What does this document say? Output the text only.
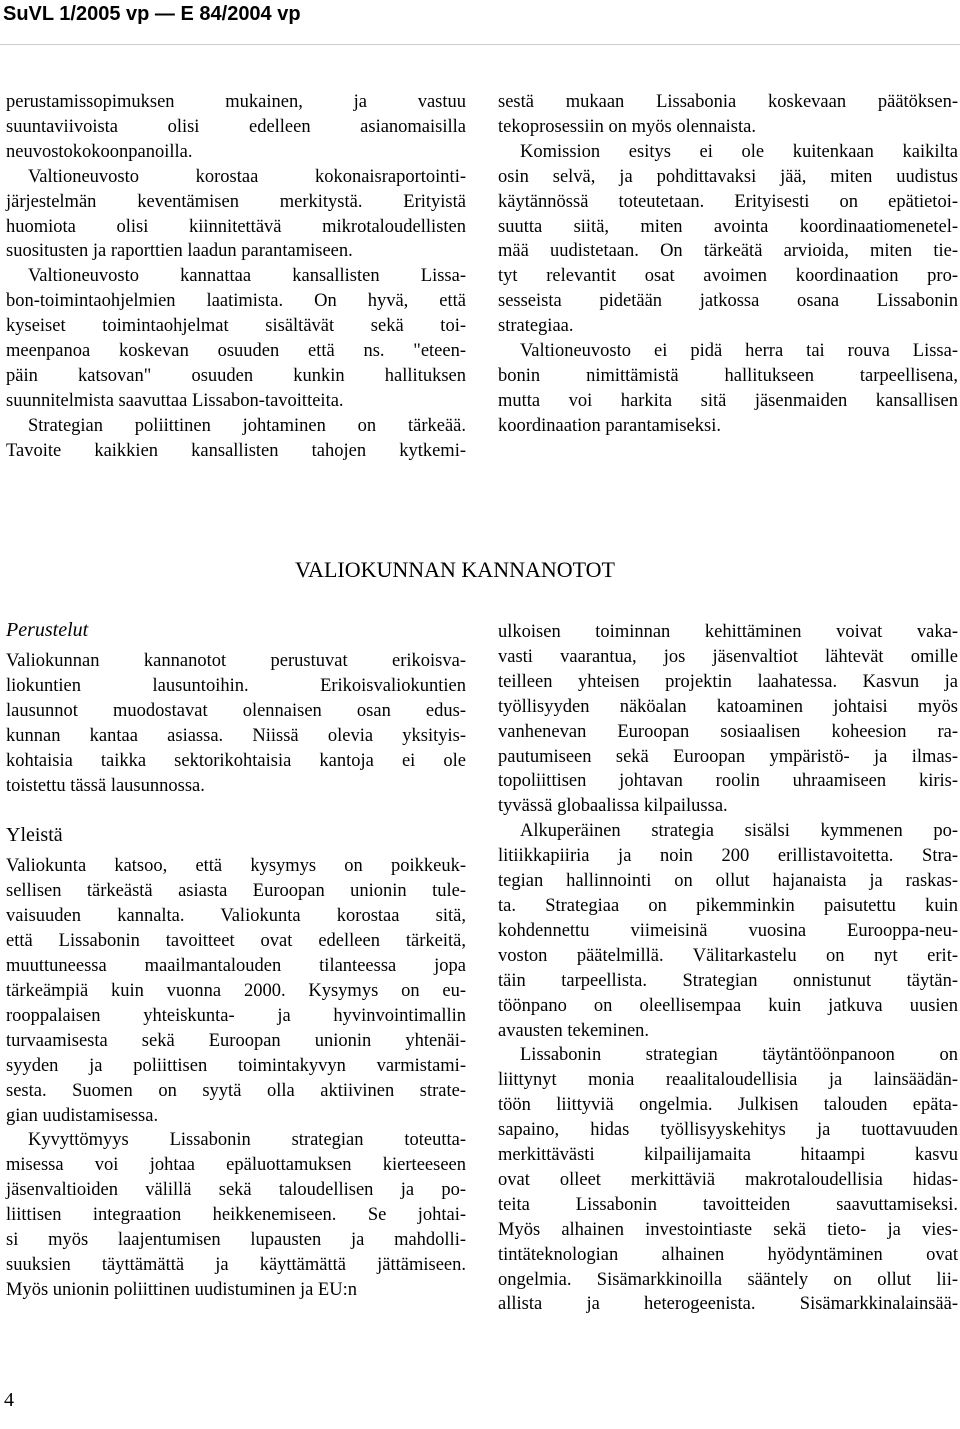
SuVL 1/2005 vp — E 84/2004 vp

perustamissopimuksen mukainen, ja vastuu
suuntaviivoista olisi edelleen asianomaisilla
neuvostokokoonpanoilla.

Valtioneuvosto korostaa kokonaisraportointi-
järjestelmän keventämisen merkitystä. Erityistä
huomiota olisi kiinnitettävä mikrotaloudellisten
suositusten ja raporttien laadun parantamiseen.

Valtioneuvosto kannattaa kansallisten Lissa-
bon-toimintaohjelmien laatimista. On hyvä, että
kyseiset toimintaohjelmat sisältävät sekä toi-
meenpanoa koskevan osuuden että ns. "eteen-
päin katsovan" osuuden kunkin hallituksen
suunnitelmista saavuttaa Lissabon-tavoitteita.

Strategian poliittinen johtaminen on tärkeää.
Tavoite kaikkien kansallisten tahojen kytkemi-

sestä mukaan Lissabonia koskevaan päätöksen-
tekoprosessiin on myös olennaista.

Komission esitys ei ole kuitenkaan kaikilta
osin selvä, ja pohdittavaksi jää, miten uudistus
käytännössä toteutetaan. Erityisesti on epätietoi-
suutta siitä, miten avointa koordinaatiomenetel-
mää uudistetaan. On tärkeätä arvioida, miten tie-
tyt relevantit osat avoimen koordinaation pro-
sesseista pidetään jatkossa osana Lissabonin
strategiaa.

Valtioneuvosto ei pidä herra tai rouva Lissa-
bonin nimittämistä hallitukseen tarpeellisena,
mutta voi harkita sitä jäsenmaiden kansallisen
koordinaation parantamiseksi.

VALIOKUNNAN KANNANOTOT
Perustelut

Valiokunnan kannanotot perustuvat erikoisva-
liokuntien lausuntoihin. Erikoisvaliokuntien
lausunnot muodostavat olennaisen osan edus-
kunnan kantaa asiassa. Niissä olevia yksityis-
kohtaisia taikka sektorikohtaisia kantoja ei ole
toistettu tässä lausunnossa.

Yleistä

Valiokunta katsoo, että kysymys on poikkeuk-
sellisen tärkeästä asiasta Euroopan unionin tule-
vaisuuden kannalta. Valiokunta korostaa sitä,
että Lissabonin tavoitteet ovat edelleen tärkeitä,
muuttuneessa maailmantalouden tilanteessa jopa
tärkeämpiä kuin vuonna 2000. Kysymys on eu-
rooppalaisen yhteiskunta- ja hyvinvointimallin
turvaamisesta sekä Euroopan unionin yhtenäi-
syyden ja poliittisen toimintakyvyn varmistami-
sesta. Suomen on syytä olla aktiivinen strate-
gian uudistamisessa.

Kyvyttömyys Lissabonin strategian toteutta-
misessa voi johtaa epäluottamuksen kierteeseen
jäsenvaltioiden välillä sekä taloudellisen ja po-
liittisen integraation heikkenemiseen. Se johtai-
si myös laajentumisen lupausten ja mahdolli-
suuksien täyttämättä ja käyttämättä jättämiseen.
Myös unionin poliittinen uudistuminen ja EU:n

ulkoisen toiminnan kehittäminen voivat vaka-
vasti vaarantua, jos jäsenvaltiot lähtevät omille
teilleen yhteisen projektin laahatessa. Kasvun ja
työllisyyden näköalan katoaminen johtaisi myös
vanhenevan Euroopan sosiaalisen koheesion ra-
pautumiseen sekä Euroopan ympäristö- ja ilmas-
topoliittisen johtavan roolin uhraamiseen kiris-
tyvässä globaalissa kilpailussa.

Alkuperäinen strategia sisälsi kymmenen po-
litiikkapiiria ja noin 200 erillistavoitetta. Stra-
tegian hallinnointi on ollut hajanaista ja raskas-
ta. Strategiaa on pikemminkin paisutettu kuin
kohdennettu viimeisinä vuosina Eurooppa-neu-
voston päätelmillä. Välitarkastelu on nyt erit-
täin tarpeellista. Strategian onnistunut täytän-
töönpano on oleellisempaa kuin jatkuva uusien
avausten tekeminen.

Lissabonin strategian täytäntöönpanoon on
liittynyt monia reaalitaloudellisia ja lainsäädän-
töön liittyviä ongelmia. Julkisen talouden epäta-
sapaino, hidas työllisyyskehitys ja tuottavuuden
merkittävästi kilpailijamaita hitaampi kasvu
ovat olleet merkittäviä makrotaloudellisia hidas-
teita Lissabonin tavoitteiden saavuttamiseksi.
Myös alhainen investointiaste sekä tieto- ja vies-
tintäteknologian alhainen hyödyntäminen ovat
ongelmia. Sisämarkkinoilla sääntely on ollut lii-
allista ja heterogeenista. Sisämarkkinalainsää-

4
